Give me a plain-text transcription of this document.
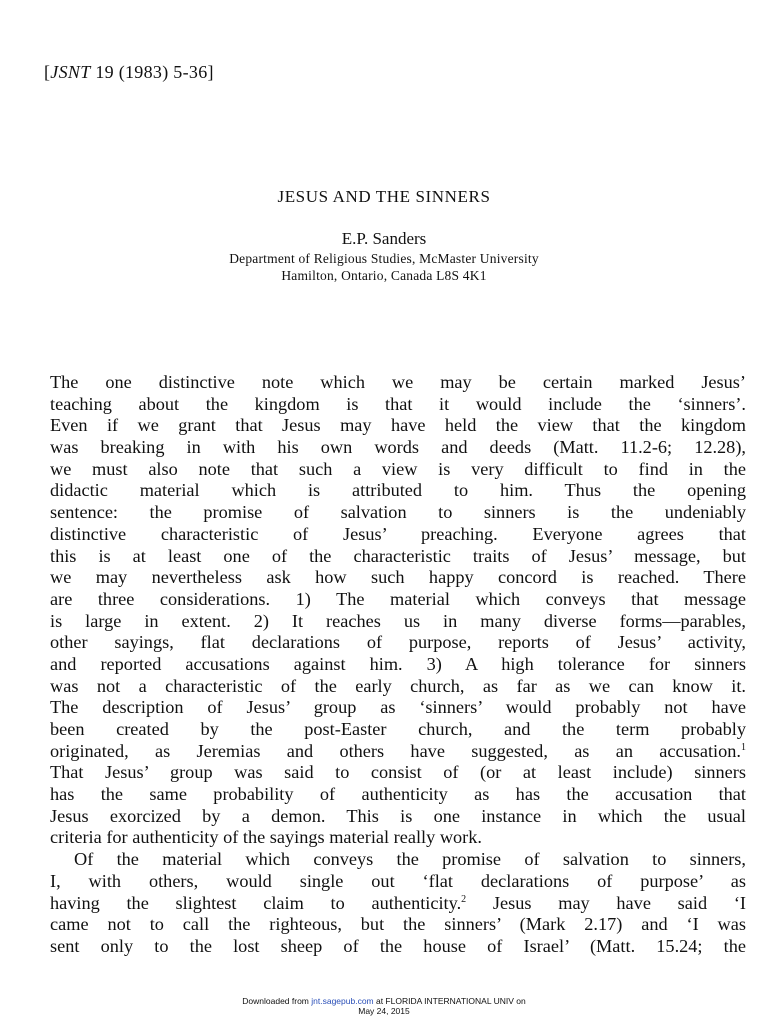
[JSNT 19 (1983) 5-36]
JESUS AND THE SINNERS
E.P. Sanders
Department of Religious Studies, McMaster University
Hamilton, Ontario, Canada L8S 4K1
The one distinctive note which we may be certain marked Jesus’
teaching about the kingdom is that it would include the ‘sinners’.
Even if we grant that Jesus may have held the view that the kingdom
was breaking in with his own words and deeds (Matt. 11.2-6; 12.28),
we must also note that such a view is very difficult to find in the
didactic material which is attributed to him. Thus the opening
sentence: the promise of salvation to sinners is the undeniably
distinctive characteristic of Jesus’ preaching. Everyone agrees that
this is at least one of the characteristic traits of Jesus’ message, but
we may nevertheless ask how such happy concord is reached. There
are three considerations. 1) The material which conveys that message
is large in extent. 2) It reaches us in many diverse forms—parables,
other sayings, flat declarations of purpose, reports of Jesus’ activity,
and reported accusations against him. 3) A high tolerance for sinners
was not a characteristic of the early church, as far as we can know it.
The description of Jesus’ group as ‘sinners’ would probably not have
been created by the post-Easter church, and the term probably
originated, as Jeremias and others have suggested, as an accusation.$^1$
That Jesus’ group was said to consist of (or at least include) sinners
has the same probability of authenticity as has the accusation that
Jesus exorcized by a demon. This is one instance in which the usual
criteria for authenticity of the sayings material really work.
Of the material which conveys the promise of salvation to sinners,
I, with others, would single out ‘flat declarations of purpose’ as
having the slightest claim to authenticity.$^2$ Jesus may have said ‘I
came not to call the righteous, but the sinners’ (Mark 2.17) and ‘I was
sent only to the lost sheep of the house of Israel’ (Matt. 15.24; the
Downloaded from jnt.sagepub.com at FLORIDA INTERNATIONAL UNIV on
May 24, 2015
